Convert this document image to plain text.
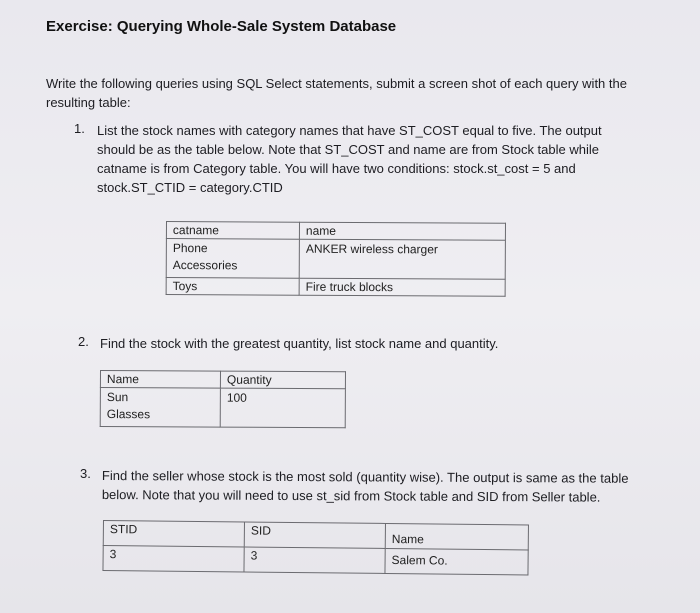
Exercise: Querying Whole-Sale System Database
Write the following queries using SQL Select statements, submit a screen shot of each query with the
resulting table:
1. List the stock names with category names that have ST_COST equal to five. The output
should be as the table below. Note that ST_COST and name are from Stock table while
catname is from Category table. You will have two conditions: stock.st_cost = 5 and
stock.ST_CTID = category.CTID
catname	name

Phone
Accessories	ANKER wireless charger

Toys	Fire truck blocks
2. Find the stock with the greatest quantity, list stock name and quantity.
Name	Quantity

Sun
Glasses	100
3. Find the seller whose stock is the most sold (quantity wise). The output is same as the table
below. Note that you will need to use st_sid from Stock table and SID from Seller table.
STID	SID	Name
3	3	Salem Co.
